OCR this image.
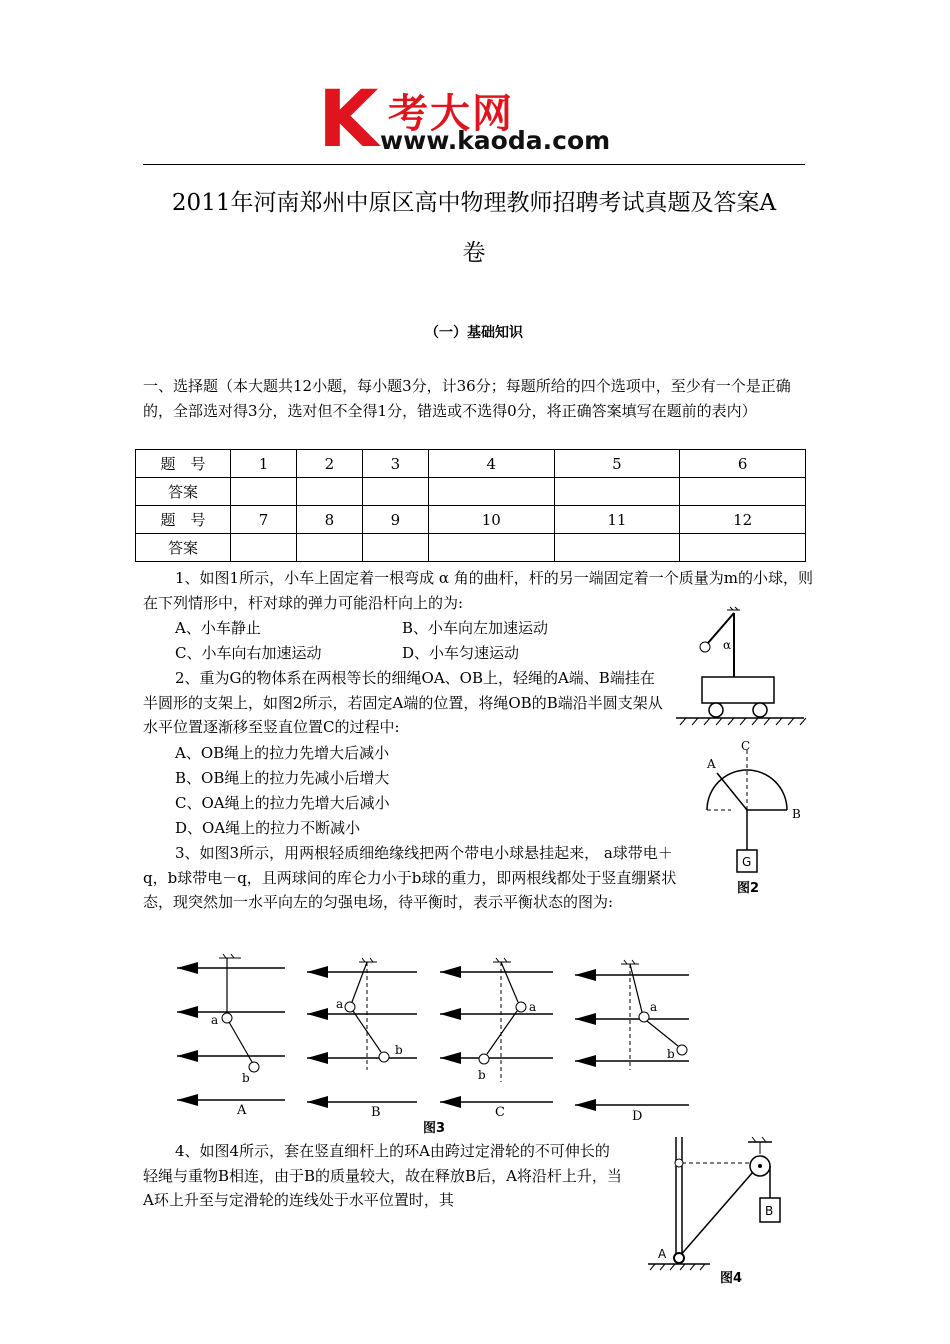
K 考大网
www.kaoda.com
2011年河南郑州中原区高中物理教师招聘考试真题及答案A
卷
（一）基础知识
一、选择题（本大题共12小题，每小题3分，计36分；每题所给的四个选项中，至少有一个是正确的，全部选对得3分，选对但不全得1分，错选或不选得0分，将正确答案填写在题前的表内）
题　号	1	2	3	4	5	6
答案						
题　号	7	8	9	10	11	12
答案						
1、如图1所示，小车上固定着一根弯成 α 角的曲杆，杆的另一端固定着一个质量为m的小球，则在下列情形中，杆对球的弹力可能沿杆向上的为:
A、小车静止	B、小车向左加速运动
C、小车向右加速运动	D、小车匀速运动	α
2、重为G的物体系在两根等长的细绳OA、OB上，轻绳的A端、B端挂在半圆形的支架上，如图2所示，若固定A端的位置，将绳OB的B端沿半圆支架从水平位置逐渐移至竖直位置C的过程中:
A、OB绳上的拉力先增大后减小
B、OB绳上的拉力先减小后增大
C、OA绳上的拉力先增大后减小
D、OA绳上的拉力不断减小
G
C
A
B
图2
3、如图3所示，用两根轻质细绝缘线把两个带电小球悬挂起来， a球带电＋q，b球带电－q，且两球间的库仑力小于b球的重力，即两根线都处于竖直绷紧状态，现突然加一水平向左的匀强电场，待平衡时，表示平衡状态的图为:
a
b
A
a
b
B
a
b
C
a
b
D
图3
4、如图4所示，套在竖直细杆上的环A由跨过定滑轮的不可伸长的轻绳与重物B相连，由于B的质量较大，故在释放B后，A将沿杆上升，当A环上升至与定滑轮的连线处于水平位置时，其
B
A
图4
